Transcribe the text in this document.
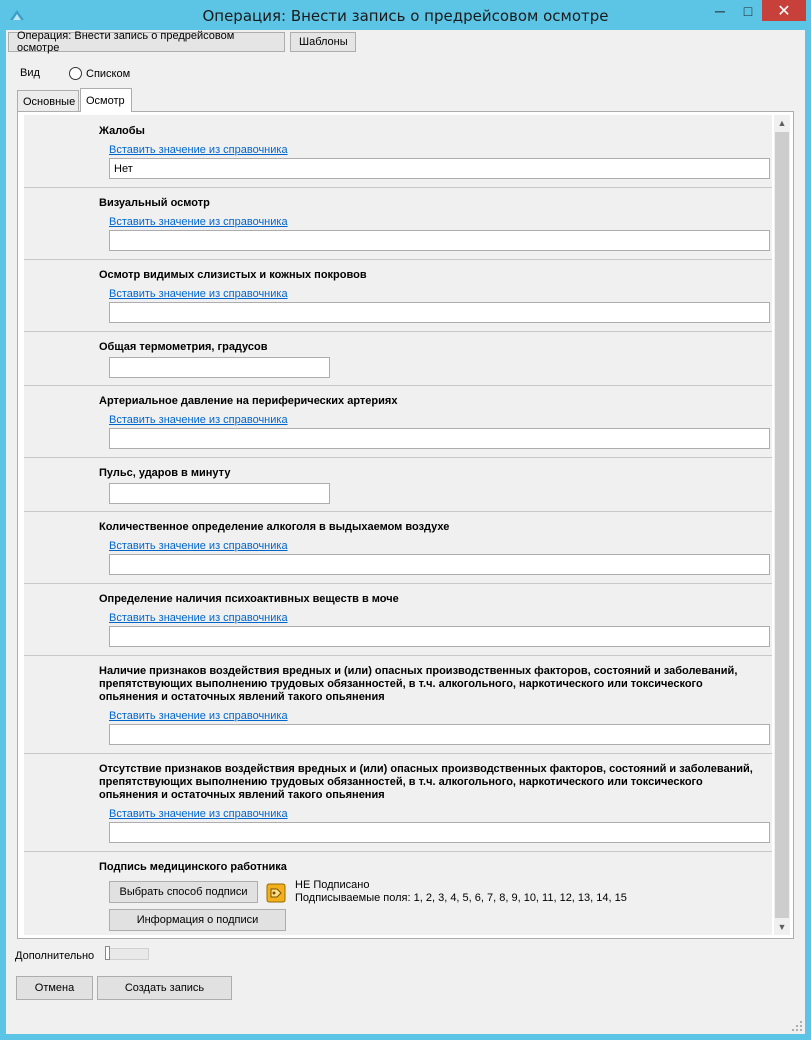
Операция: Внести запись о предрейсовом осмотре	─	□	✕
Операция: Внести запись о предрейсовом осмотре	Шаблоны
Вид	Списком
Основные Осмотр
Жалобы
Вставить значение из справочника
Нет
Визуальный осмотр
Вставить значение из справочника
Осмотр видимых слизистых и кожных покровов
Вставить значение из справочника
Общая термометрия, градусов
Артериальное давление на периферических артериях
Вставить значение из справочника
Пульс, ударов в минуту
Количественное определение алкоголя в выдыхаемом воздухе
Вставить значение из справочника
Определение наличия психоактивных веществ в моче
Вставить значение из справочника
Наличие признаков воздействия вредных и (или) опасных производственных факторов, состояний и заболеваний, препятствующих выполнению трудовых обязанностей, в т.ч. алкогольного, наркотического или токсического опьянения и остаточных явлений такого опьянения
Вставить значение из справочника
Отсутствие признаков воздействия вредных и (или) опасных производственных факторов, состояний и заболеваний, препятствующих выполнению трудовых обязанностей, в т.ч. алкогольного, наркотического или токсического опьянения и остаточных явлений такого опьянения
Вставить значение из справочника
Подпись медицинского работника
Выбрать способ подписи
НЕ Подписано
Подписываемые поля: 1, 2, 3, 4, 5, 6, 7, 8, 9, 10, 11, 12, 13, 14, 15
Информация о подписи
▲
▼
Дополнительно
Отмена	Создать запись
